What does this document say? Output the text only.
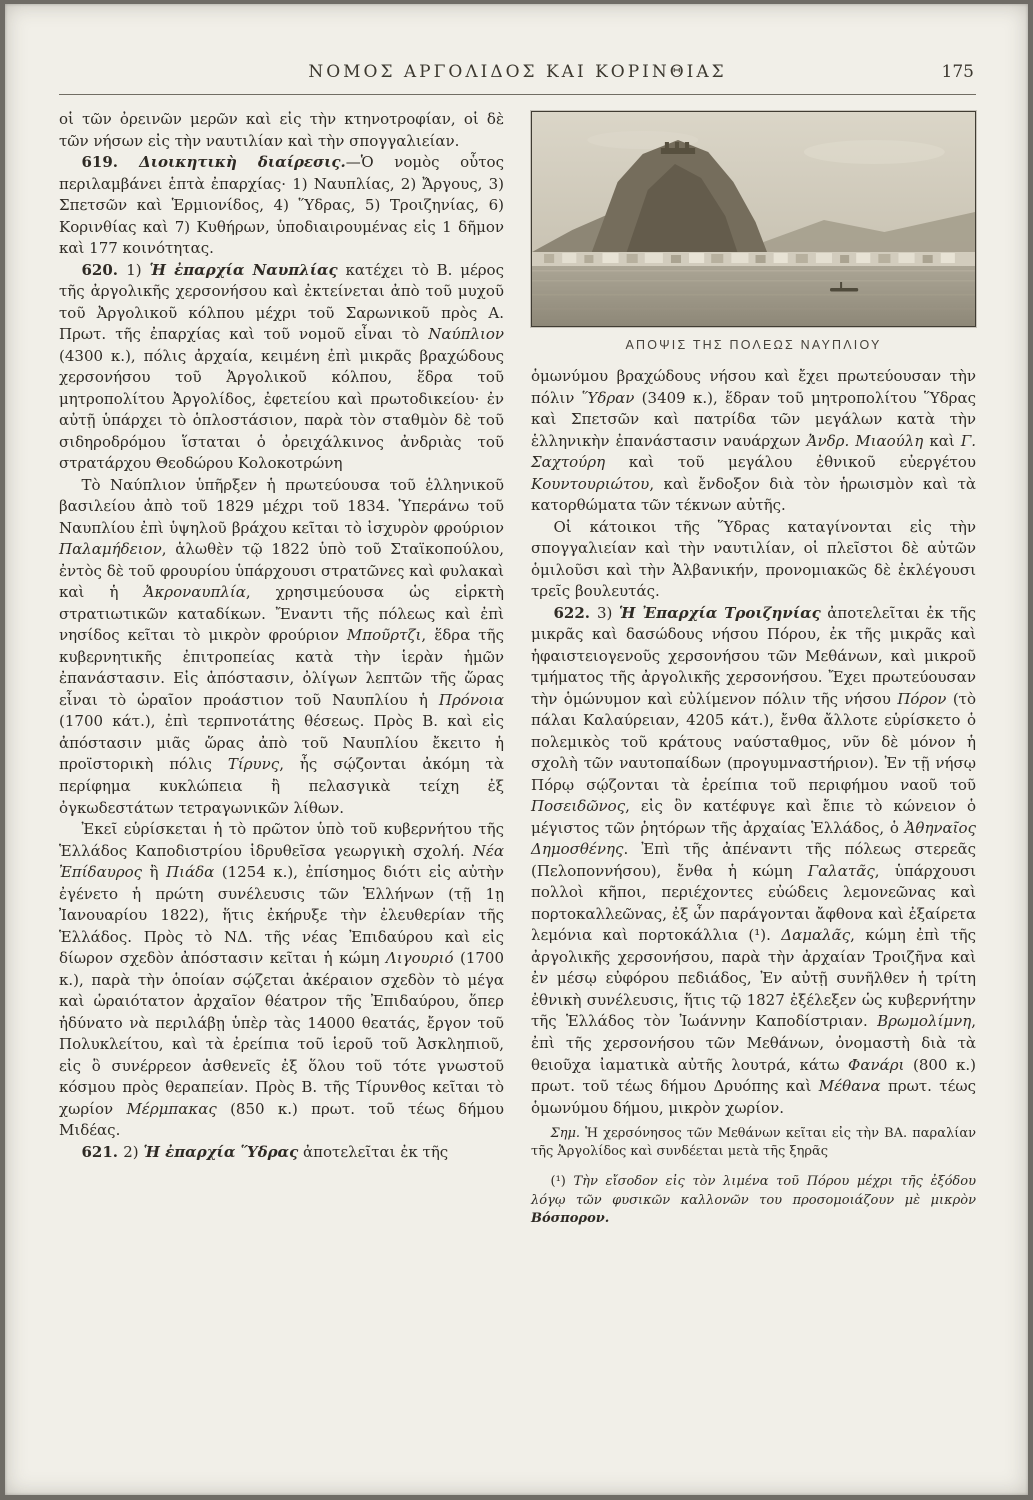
ΝΟΜΟΣ ΑΡΓΟΛΙΔΟΣ ΚΑΙ ΚΟΡΙΝΘΙΑΣ	175

οἱ τῶν ὀρεινῶν μερῶν καὶ εἰς τὴν κτηνοτροφίαν, οἱ δὲ τῶν νήσων εἰς τὴν ναυτιλίαν καὶ τὴν σπογγαλιείαν.

619. Διοικητικὴ διαίρεσις.—Ὁ νομὸς οὗτος περιλαμβάνει ἑπτὰ ἐπαρχίας· 1) Ναυπλίας, 2) Ἄργους, 3) Σπετσῶν καὶ Ἑρμιονίδος, 4) Ὕδρας, 5) Τροιζηνίας, 6) Κορινθίας καὶ 7) Κυθήρων, ὑποδιαιρουμένας εἰς 1 δῆμον καὶ 177 κοινότητας.

620. 1) Ἡ ἐπαρχία Ναυπλίας κατέχει τὸ Β. μέρος τῆς ἀργολικῆς χερσονήσου καὶ ἐκτείνεται ἀπὸ τοῦ μυχοῦ τοῦ Ἀργολικοῦ κόλπου μέχρι τοῦ Σαρωνικοῦ πρὸς Α. Πρωτ. τῆς ἐπαρχίας καὶ τοῦ νομοῦ εἶναι τὸ Ναύπλιον (4300 κ.), πόλις ἀρχαία, κειμένη ἐπὶ μικρᾶς βραχώδους χερσονήσου τοῦ Ἀργολικοῦ κόλπου, ἕδρα τοῦ μητροπολίτου Ἀργολίδος, ἐφετείου καὶ πρωτοδικείου· ἐν αὐτῇ ὑπάρχει τὸ ὁπλοστάσιον, παρὰ τὸν σταθμὸν δὲ τοῦ σιδηροδρόμου ἵσταται ὁ ὀρειχάλκινος ἀνδριὰς τοῦ στρατάρχου Θεοδώρου Κολοκοτρώνη

Τὸ Ναύπλιον ὑπῆρξεν ἡ πρωτεύουσα τοῦ ἑλληνικοῦ βασιλείου ἀπὸ τοῦ 1829 μέχρι τοῦ 1834. Ὑπεράνω τοῦ Ναυπλίου ἐπὶ ὑψηλοῦ βράχου κεῖται τὸ ἰσχυρὸν φρούριον Παλαμήδειον, ἁλωθὲν τῷ 1822 ὑπὸ τοῦ Σταϊκοπούλου, ἐντὸς δὲ τοῦ φρουρίου ὑπάρχουσι στρατῶνες καὶ φυλακαὶ καὶ ἡ Ἀκροναυπλία, χρησιμεύουσα ὡς εἱρκτὴ στρατιωτικῶν καταδίκων. Ἔναντι τῆς πόλεως καὶ ἐπὶ νησίδος κεῖται τὸ μικρὸν φρούριον Μποῦρτζι, ἕδρα τῆς κυβερνητικῆς ἐπιτροπείας κατὰ τὴν ἱερὰν ἡμῶν ἐπανάστασιν. Εἰς ἀπόστασιν, ὀλίγων λεπτῶν τῆς ὥρας εἶναι τὸ ὡραῖον προάστιον τοῦ Ναυπλίου ἡ Πρόνοια (1700 κάτ.), ἐπὶ τερπνοτάτης θέσεως. Πρὸς Β. καὶ εἰς ἀπόστασιν μιᾶς ὥρας ἀπὸ τοῦ Ναυπλίου ἔκειτο ἡ προϊστορικὴ πόλις Τίρυνς, ἧς σῴζονται ἀκόμη τὰ περίφημα κυκλώπεια ἢ πελασγικὰ τείχη ἐξ ὀγκωδεστάτων τετραγωνικῶν λίθων.

Ἐκεῖ εὑρίσκεται ἡ τὸ πρῶτον ὑπὸ τοῦ κυβερνήτου τῆς Ἑλλάδος Καποδιστρίου ἱδρυθεῖσα γεωργικὴ σχολή. Νέα Ἐπίδαυρος ἢ Πιάδα (1254 κ.), ἐπίσημος διότι εἰς αὐτὴν ἐγένετο ἡ πρώτη συνέλευσις τῶν Ἑλλήνων (τῇ 1ῃ Ἰανουαρίου 1822), ἥτις ἐκήρυξε τὴν ἐλευθερίαν τῆς Ἑλλάδος. Πρὸς τὸ ΝΔ. τῆς νέας Ἐπιδαύρου καὶ εἰς δίωρον σχεδὸν ἀπόστασιν κεῖται ἡ κώμη Λιγουριό (1700 κ.), παρὰ τὴν ὁποίαν σῴζεται ἀκέραιον σχεδὸν τὸ μέγα καὶ ὡραιότατον ἀρχαῖον θέατρον τῆς Ἐπιδαύρου, ὅπερ ἠδύνατο νὰ περιλάβῃ ὑπὲρ τὰς 14000 θεατάς, ἔργον τοῦ Πολυκλείτου, καὶ τὰ ἐρείπια τοῦ ἱεροῦ τοῦ Ἀσκληπιοῦ, εἰς ὃ συνέρρεον ἀσθενεῖς ἐξ ὅλου τοῦ τότε γνωστοῦ κόσμου πρὸς θεραπείαν. Πρὸς Β. τῆς Τίρυνθος κεῖται τὸ χωρίον Μέρμπακας (850 κ.) πρωτ. τοῦ τέως δήμου Μιδέας.

621. 2) Ἡ ἐπαρχία Ὕδρας ἀποτελεῖται ἐκ τῆς

ΑΠΟΨΙΣ ΤΗΣ ΠΟΛΕΩΣ ΝΑΥΠΛΙΟΥ

ὁμωνύμου βραχώδους νήσου καὶ ἔχει πρωτεύουσαν τὴν πόλιν Ὕδραν (3409 κ.), ἕδραν τοῦ μητροπολίτου Ὕδρας καὶ Σπετσῶν καὶ πατρίδα τῶν μεγάλων κατὰ τὴν ἑλληνικὴν ἐπανάστασιν ναυάρχων Ἀνδρ. Μιαούλη καὶ Γ. Σαχτούρη καὶ τοῦ μεγάλου ἐθνικοῦ εὐεργέτου Κουντουριώτου, καὶ ἔνδοξον διὰ τὸν ἡρωισμὸν καὶ τὰ κατορθώματα τῶν τέκνων αὐτῆς.

Οἱ κάτοικοι τῆς Ὕδρας καταγίνονται εἰς τὴν σπογγαλιείαν καὶ τὴν ναυτιλίαν, οἱ πλεῖστοι δὲ αὐτῶν ὁμιλοῦσι καὶ τὴν Ἀλβανικήν, προνομιακῶς δὲ ἐκλέγουσι τρεῖς βουλευτάς.

622. 3) Ἡ Ἐπαρχία Τροιζηνίας ἀποτελεῖται ἐκ τῆς μικρᾶς καὶ δασώδους νήσου Πόρου, ἐκ τῆς μικρᾶς καὶ ἡφαιστειογενοῦς χερσονήσου τῶν Μεθάνων, καὶ μικροῦ τμήματος τῆς ἀργολικῆς χερσονήσου. Ἔχει πρωτεύουσαν τὴν ὁμώνυμον καὶ εὐλίμενον πόλιν τῆς νήσου Πόρον (τὸ πάλαι Καλαύρειαν, 4205 κάτ.), ἔνθα ἄλλοτε εὑρίσκετο ὁ πολεμικὸς τοῦ κράτους ναύσταθμος, νῦν δὲ μόνον ἡ σχολὴ τῶν ναυτοπαίδων (προγυμναστήριον). Ἐν τῇ νήσῳ Πόρῳ σῴζονται τὰ ἐρείπια τοῦ περιφήμου ναοῦ τοῦ Ποσειδῶνος, εἰς ὃν κατέφυγε καὶ ἔπιε τὸ κώνειον ὁ μέγιστος τῶν ῥητόρων τῆς ἀρχαίας Ἑλλάδος, ὁ Ἀθηναῖος Δημοσθένης. Ἐπὶ τῆς ἀπέναντι τῆς πόλεως στερεᾶς (Πελοποννήσου), ἔνθα ἡ κώμη Γαλατᾶς, ὑπάρχουσι πολλοὶ κῆποι, περιέχοντες εὐώδεις λεμονεῶνας καὶ πορτοκαλλεῶνας, ἐξ ὧν παράγονται ἄφθονα καὶ ἐξαίρετα λεμόνια καὶ πορτοκάλλια (¹). Δαμαλᾶς, κώμη ἐπὶ τῆς ἀργολικῆς χερσονήσου, παρὰ τὴν ἀρχαίαν Τροιζῆνα καὶ ἐν μέσῳ εὐφόρου πεδιάδος, Ἐν αὐτῇ συνῆλθεν ἡ τρίτη ἐθνικὴ συνέλευσις, ἥτις τῷ 1827 ἐξέλεξεν ὡς κυβερνήτην τῆς Ἑλλάδος τὸν Ἰωάννην Καποδίστριαν. Βρωμολίμνη, ἐπὶ τῆς χερσονήσου τῶν Μεθάνων, ὀνομαστὴ διὰ τὰ θειοῦχα ἰαματικὰ αὐτῆς λουτρά, κάτω Φανάρι (800 κ.) πρωτ. τοῦ τέως δήμου Δρυόπης καὶ Μέθανα πρωτ. τέως ὁμωνύμου δήμου, μικρὸν χωρίον.

Σημ. Ἡ χερσόνησος τῶν Μεθάνων κεῖται εἰς τὴν ΒΑ. παραλίαν τῆς Ἀργολίδος καὶ συνδέεται μετὰ τῆς ξηρᾶς

(¹) Τὴν εἴσοδον εἰς τὸν λιμένα τοῦ Πόρου μέχρι τῆς ἐξόδου λόγῳ τῶν φυσικῶν καλλονῶν του προσομοιάζουν μὲ μικρὸν Βόσπορον.
